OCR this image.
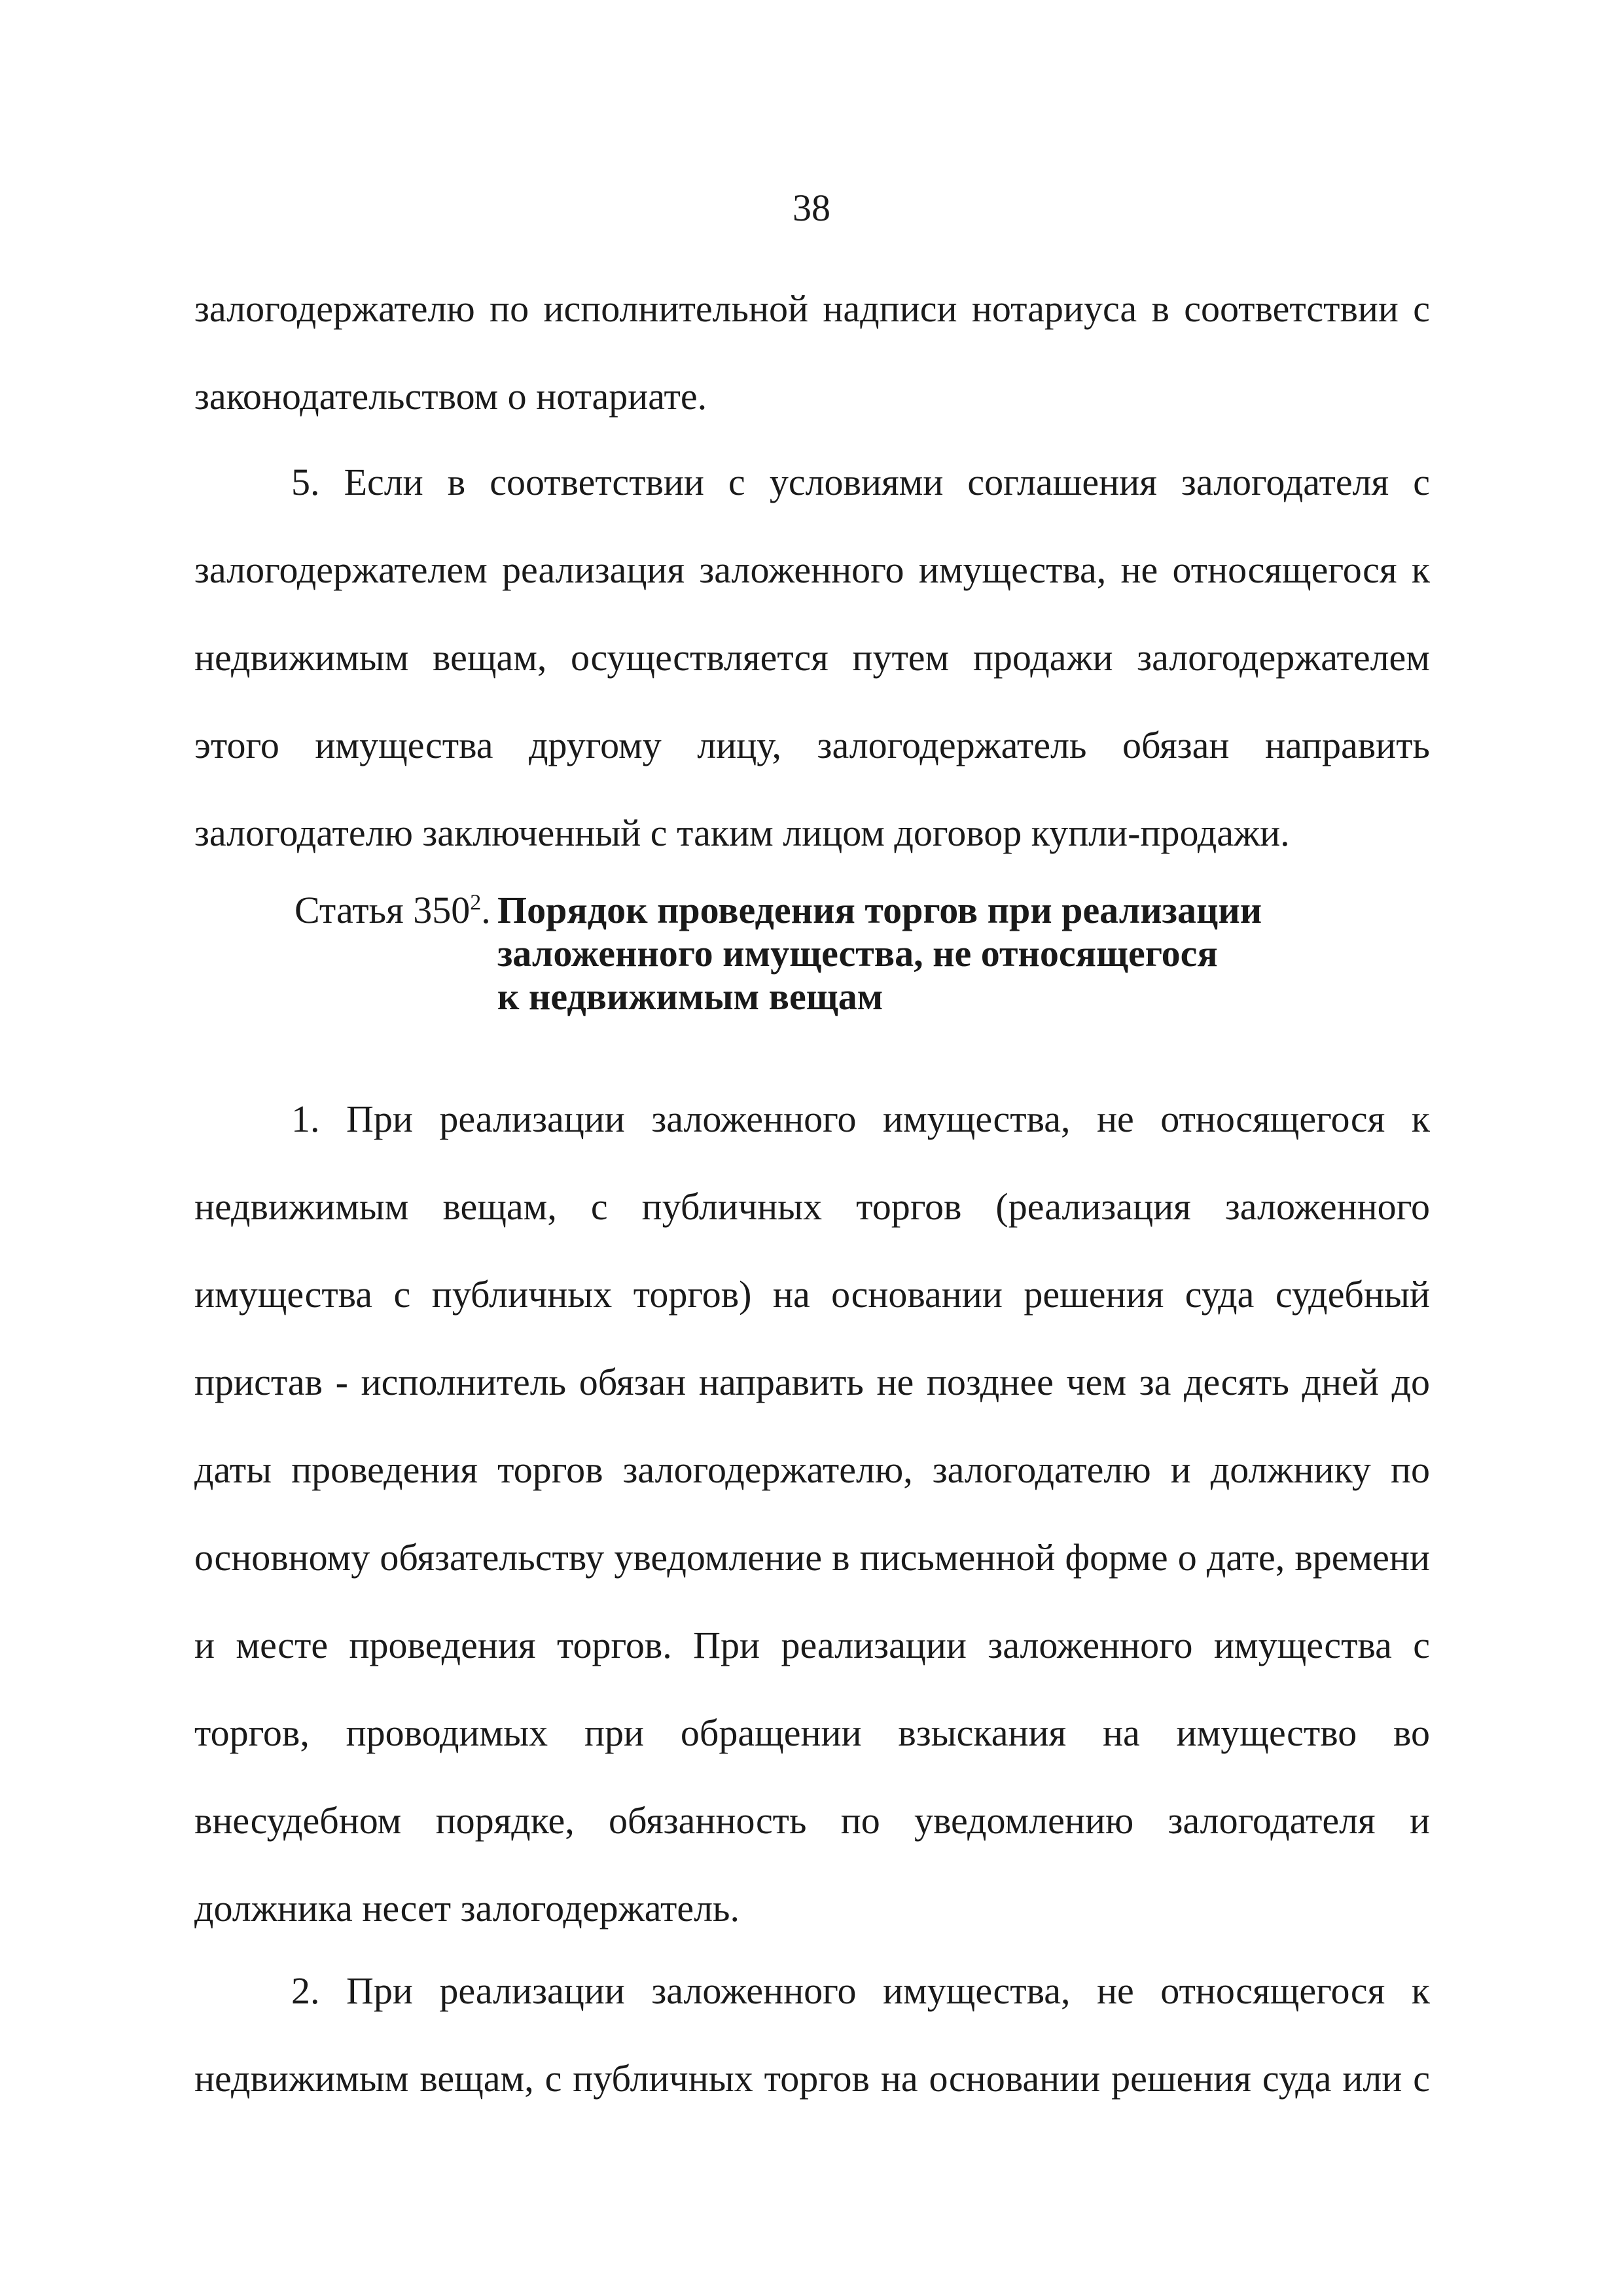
38

залогодержателю по исполнительной надписи нотариуса в соответствии с законодательством о нотариате.

5. Если в соответствии с условиями соглашения залогодателя с залогодержателем реализация заложенного имущества, не относящегося к недвижимым вещам, осуществляется путем продажи залогодержателем этого имущества другому лицу, залогодержатель обязан направить залогодателю заключенный с таким лицом договор купли-продажи.

Статья $350^2$. Порядок проведения торгов при реализации
заложенного имущества, не относящегося
к недвижимым вещам

1. При реализации заложенного имущества, не относящегося к недвижимым вещам, с публичных торгов (реализация заложенного имущества с публичных торгов) на основании решения суда судебный пристав - исполнитель обязан направить не позднее чем за десять дней до даты проведения торгов залогодержателю, залогодателю и должнику по основному обязательству уведомление в письменной форме о дате, времени и месте проведения торгов. При реализации заложенного имущества с торгов, проводимых при обращении взыскания на имущество во внесудебном порядке, обязанность по уведомлению залогодателя и должника несет залогодержатель.

2. При реализации заложенного имущества, не относящегося к недвижимым вещам, с публичных торгов на основании решения суда или с
